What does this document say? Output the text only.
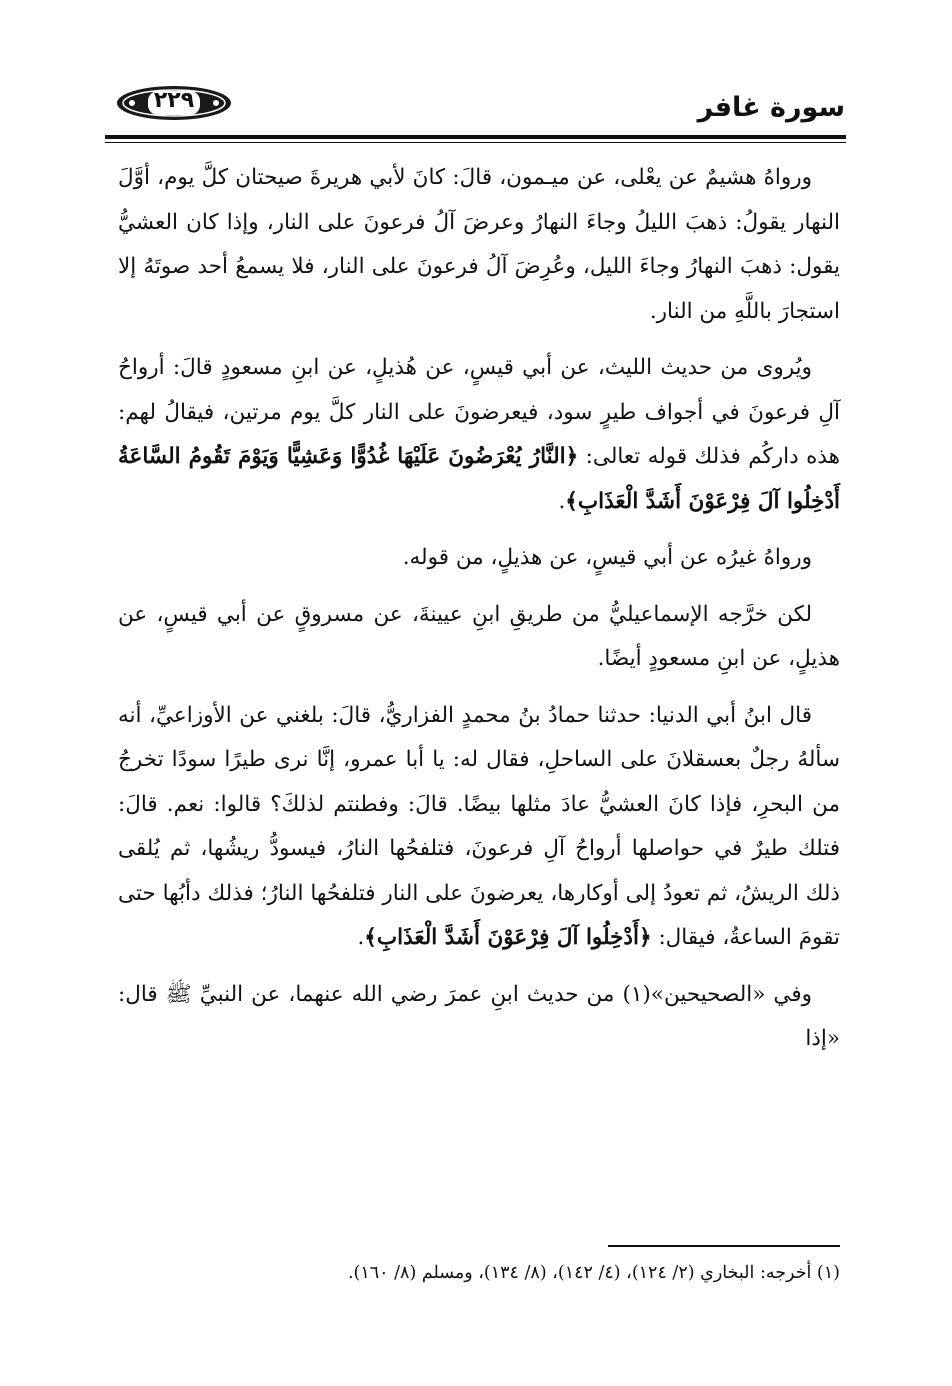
سورة غافر
٢٢٩

ورواهُ هشيمٌ عن يعْلى، عن ميـمون، قالَ: كانَ لأبي هريرةَ صيحتان كلَّ يوم، أوَّلَ النهار يقولُ: ذهبَ الليلُ وجاءَ النهارُ وعرضَ آلُ فرعونَ على النار، وإذا كان العشيُّ يقول: ذهبَ النهارُ وجاءَ الليل، وعُرِضَ آلُ فرعونَ على النار، فلا يسمعُ أحد صوتَهُ إلا استجارَ باللَّهِ من النار.

ويُروى من حديث الليث، عن أبي قيسٍ، عن هُذيلٍ، عن ابنِ مسعودٍ قالَ: أرواحُ آلِ فرعونَ في أجواف طيرٍ سود، فيعرضونَ على النار كلَّ يوم مرتين، فيقالُ لهم: هذه داركُم فذلك قوله تعالى: ﴿النَّارُ يُعْرَضُونَ عَلَيْهَا غُدُوًّا وَعَشِيًّا وَيَوْمَ تَقُومُ السَّاعَةُ أَدْخِلُوا آلَ فِرْعَوْنَ أَشَدَّ الْعَذَابِ﴾.

ورواهُ غيرُه عن أبي قيسٍ، عن هذيلٍ، من قوله.

لكن خرَّجه الإسماعيليُّ من طريقِ ابنِ عيينةَ، عن مسروقٍ عن أبي قيسٍ، عن هذيلٍ، عن ابنِ مسعودٍ أيضًا.

قال ابنُ أبي الدنيا: حدثنا حمادُ بنُ محمدٍ الفزاريُّ، قالَ: بلغني عن الأوزاعيِّ، أنه سألهُ رجلٌ بعسقلانَ على الساحلِ، فقال له: يا أبا عمرو، إنَّا نرى طيرًا سودًا تخرجُ من البحرِ، فإذا كانَ العشيُّ عادَ مثلها بيضًا. قالَ: وفطنتم لذلكَ؟ قالوا: نعم. قالَ: فتلك طيرٌ في حواصلها أرواحُ آلِ فرعونَ، فتلفحُها النارُ، فيسودُّ ريشُها، ثم يُلقى ذلك الريشُ، ثم تعودُ إلى أوكارها، يعرضونَ على النار فتلفحُها النارُ؛ فذلك دأبُها حتى تقومَ الساعةُ، فيقال: ﴿أَدْخِلُوا آلَ فِرْعَوْنَ أَشَدَّ الْعَذَابِ﴾.

وفي «الصحيحين»(١) من حديث ابنِ عمرَ رضي الله عنهما، عن النبيِّ ﷺ قال: «إذا

(١) أخرجه: البخاري (٢/ ١٢٤)، (٤/ ١٤٢)، (٨/ ١٣٤)، ومسلم (٨/ ١٦٠).
